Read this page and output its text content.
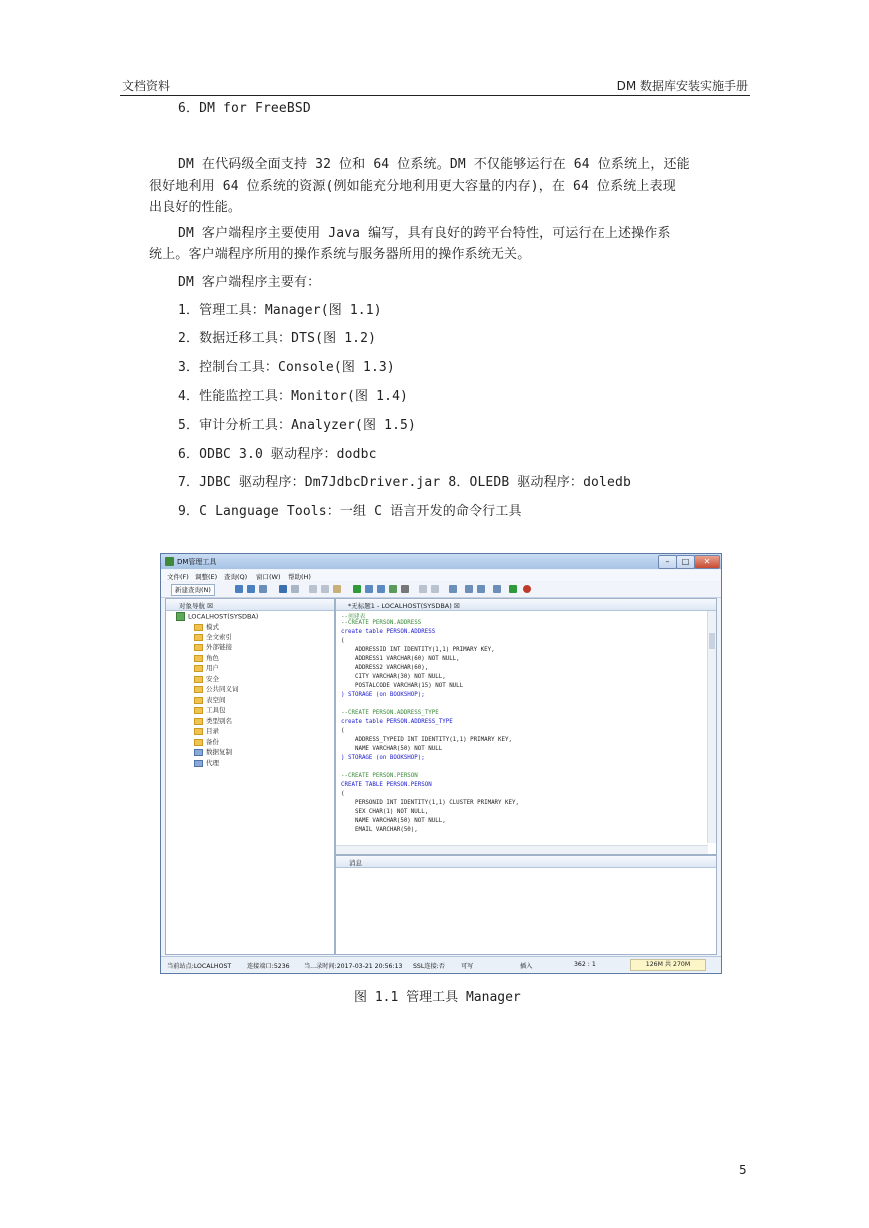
文档资料	DM 数据库安装实施手册
6．DM for FreeBSD
DM 在代码级全面支持 32 位和 64 位系统。DM 不仅能够运行在 64 位系统上，还能
很好地利用 64 位系统的资源(例如能充分地利用更大容量的内存)，在 64 位系统上表现
出良好的性能。
DM 客户端程序主要使用 Java 编写，具有良好的跨平台特性，可运行在上述操作系
统上。客户端程序所用的操作系统与服务器所用的操作系统无关。
DM 客户端程序主要有：
1．管理工具：Manager(图 1.1)
2．数据迁移工具：DTS(图 1.2)
3．控制台工具：Console(图 1.3)
4．性能监控工具：Monitor(图 1.4)
5．审计分析工具：Analyzer(图 1.5)
6．ODBC 3.0 驱动程序：dodbc
7．JDBC 驱动程序：Dm7JdbcDriver.jar 8．OLEDB 驱动程序：doledb
9．C Language Tools：一组 C 语言开发的命令行工具
DM管理工具	–	□	✕
文件(F) 调整(E) 查询(Q) 窗口(W) 帮助(H)
新建查询(N)
对象导航 ☒
LOCALHOST(SYSDBA)
模式
全文索引
外部链接
角色
用户
安全
公共同义词
表空间
工具包
类型别名
目录
备份
数据复制
代理
*无标题1 - LOCALHOST(SYSDBA) ☒
--创建表
--CREATE PERSON.ADDRESS
create table PERSON.ADDRESS
(
ADDRESSID INT IDENTITY(1,1) PRIMARY KEY,
ADDRESS1 VARCHAR(60) NOT NULL,
ADDRESS2 VARCHAR(60),
CITY VARCHAR(30) NOT NULL,
POSTALCODE VARCHAR(15) NOT NULL
) STORAGE (on BOOKSHOP);
--CREATE PERSON.ADDRESS_TYPE
create table PERSON.ADDRESS_TYPE
(
ADDRESS_TYPEID INT IDENTITY(1,1) PRIMARY KEY,
NAME VARCHAR(50) NOT NULL
) STORAGE (on BOOKSHOP);
--CREATE PERSON.PERSON
CREATE TABLE PERSON.PERSON
(
PERSONID INT IDENTITY(1,1) CLUSTER PRIMARY KEY,
SEX CHAR(1) NOT NULL,
NAME VARCHAR(50) NOT NULL,
EMAIL VARCHAR(50),
消息
当前站点:LOCALHOST	连接端口:5236 当...录时间:2017-03-21 20:56:13 SSL连接:否	可写	插入	362 : 1	126M 共 270M
图 1.1 管理工具 Manager
5
